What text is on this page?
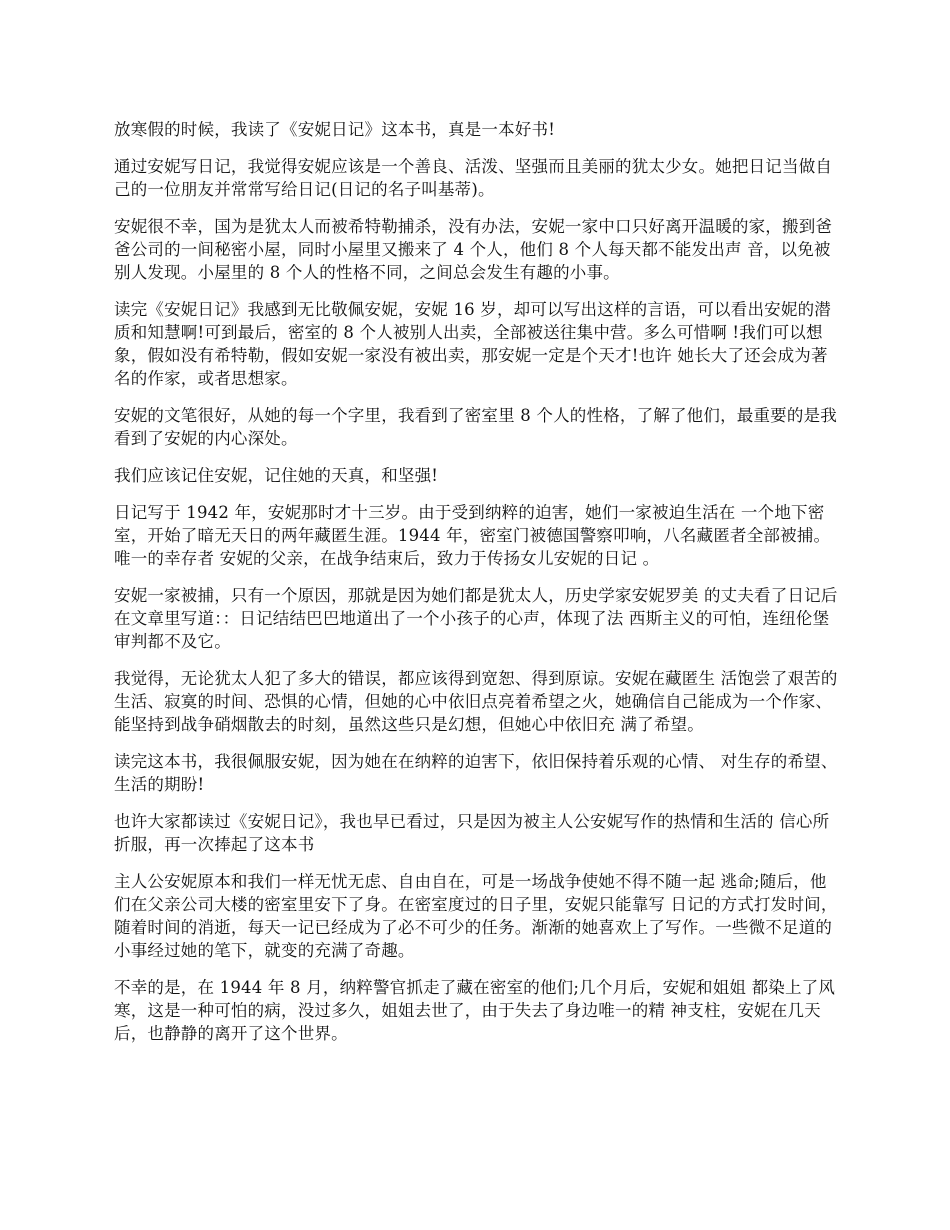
放寒假的时候，我读了《安妮日记》这本书，真是一本好书!

通过安妮写日记，我觉得安妮应该是一个善良、活泼、坚强而且美丽的犹太少女。她把日记当做自己的一位朋友并常常写给日记(日记的名子叫基蒂)。

安妮很不幸，国为是犹太人而被希特勒捕杀，没有办法，安妮一家中口只好离开温暖的家，搬到爸爸公司的一间秘密小屋，同时小屋里又搬来了 4 个人，他们 8 个人每天都不能发出声 音，以免被别人发现。小屋里的 8 个人的性格不同，之间总会发生有趣的小事。

读完《安妮日记》我感到无比敬佩安妮，安妮 16 岁，却可以写出这样的言语，可以看出安妮的潜质和知慧啊!可到最后，密室的 8 个人被别人出卖，全部被送往集中营。多么可惜啊 !我们可以想象，假如没有希特勒，假如安妮一家没有被出卖，那安妮一定是个天才!也许 她长大了还会成为著名的作家，或者思想家。

安妮的文笔很好，从她的每一个字里，我看到了密室里 8 个人的性格，了解了他们，最重要的是我看到了安妮的内心深处。

我们应该记住安妮，记住她的天真，和坚强!

日记写于 1942 年，安妮那时才十三岁。由于受到纳粹的迫害，她们一家被迫生活在 一个地下密室，开始了暗无天日的两年藏匿生涯。1944 年，密室门被德国警察叩响，八名藏匿者全部被捕。唯一的幸存者 安妮的父亲，在战争结束后，致力于传扬女儿安妮的日记 。

安妮一家被捕，只有一个原因，那就是因为她们都是犹太人，历史学家安妮罗美 的丈夫看了日记后在文章里写道：：日记结结巴巴地道出了一个小孩子的心声，体现了法 西斯主义的可怕，连纽伦堡审判都不及它。

我觉得，无论犹太人犯了多大的错误，都应该得到宽恕、得到原谅。安妮在藏匿生 活饱尝了艰苦的生活、寂寞的时间、恐惧的心情，但她的心中依旧点亮着希望之火，她确信自己能成为一个作家、能坚持到战争硝烟散去的时刻，虽然这些只是幻想，但她心中依旧充 满了希望。

读完这本书，我很佩服安妮，因为她在在纳粹的迫害下，依旧保持着乐观的心情、 对生存的希望、生活的期盼!

也许大家都读过《安妮日记》，我也早已看过，只是因为被主人公安妮写作的热情和生活的 信心所折服，再一次捧起了这本书

主人公安妮原本和我们一样无忧无虑、自由自在，可是一场战争使她不得不随一起 逃命;随后，他们在父亲公司大楼的密室里安下了身。在密室度过的日子里，安妮只能靠写 日记的方式打发时间，随着时间的消逝，每天一记已经成为了必不可少的任务。渐渐的她喜欢上了写作。一些微不足道的小事经过她的笔下，就变的充满了奇趣。

不幸的是，在 1944 年 8 月，纳粹警官抓走了藏在密室的他们;几个月后，安妮和姐姐 都染上了风寒，这是一种可怕的病，没过多久，姐姐去世了，由于失去了身边唯一的精 神支柱，安妮在几天后，也静静的离开了这个世界。
